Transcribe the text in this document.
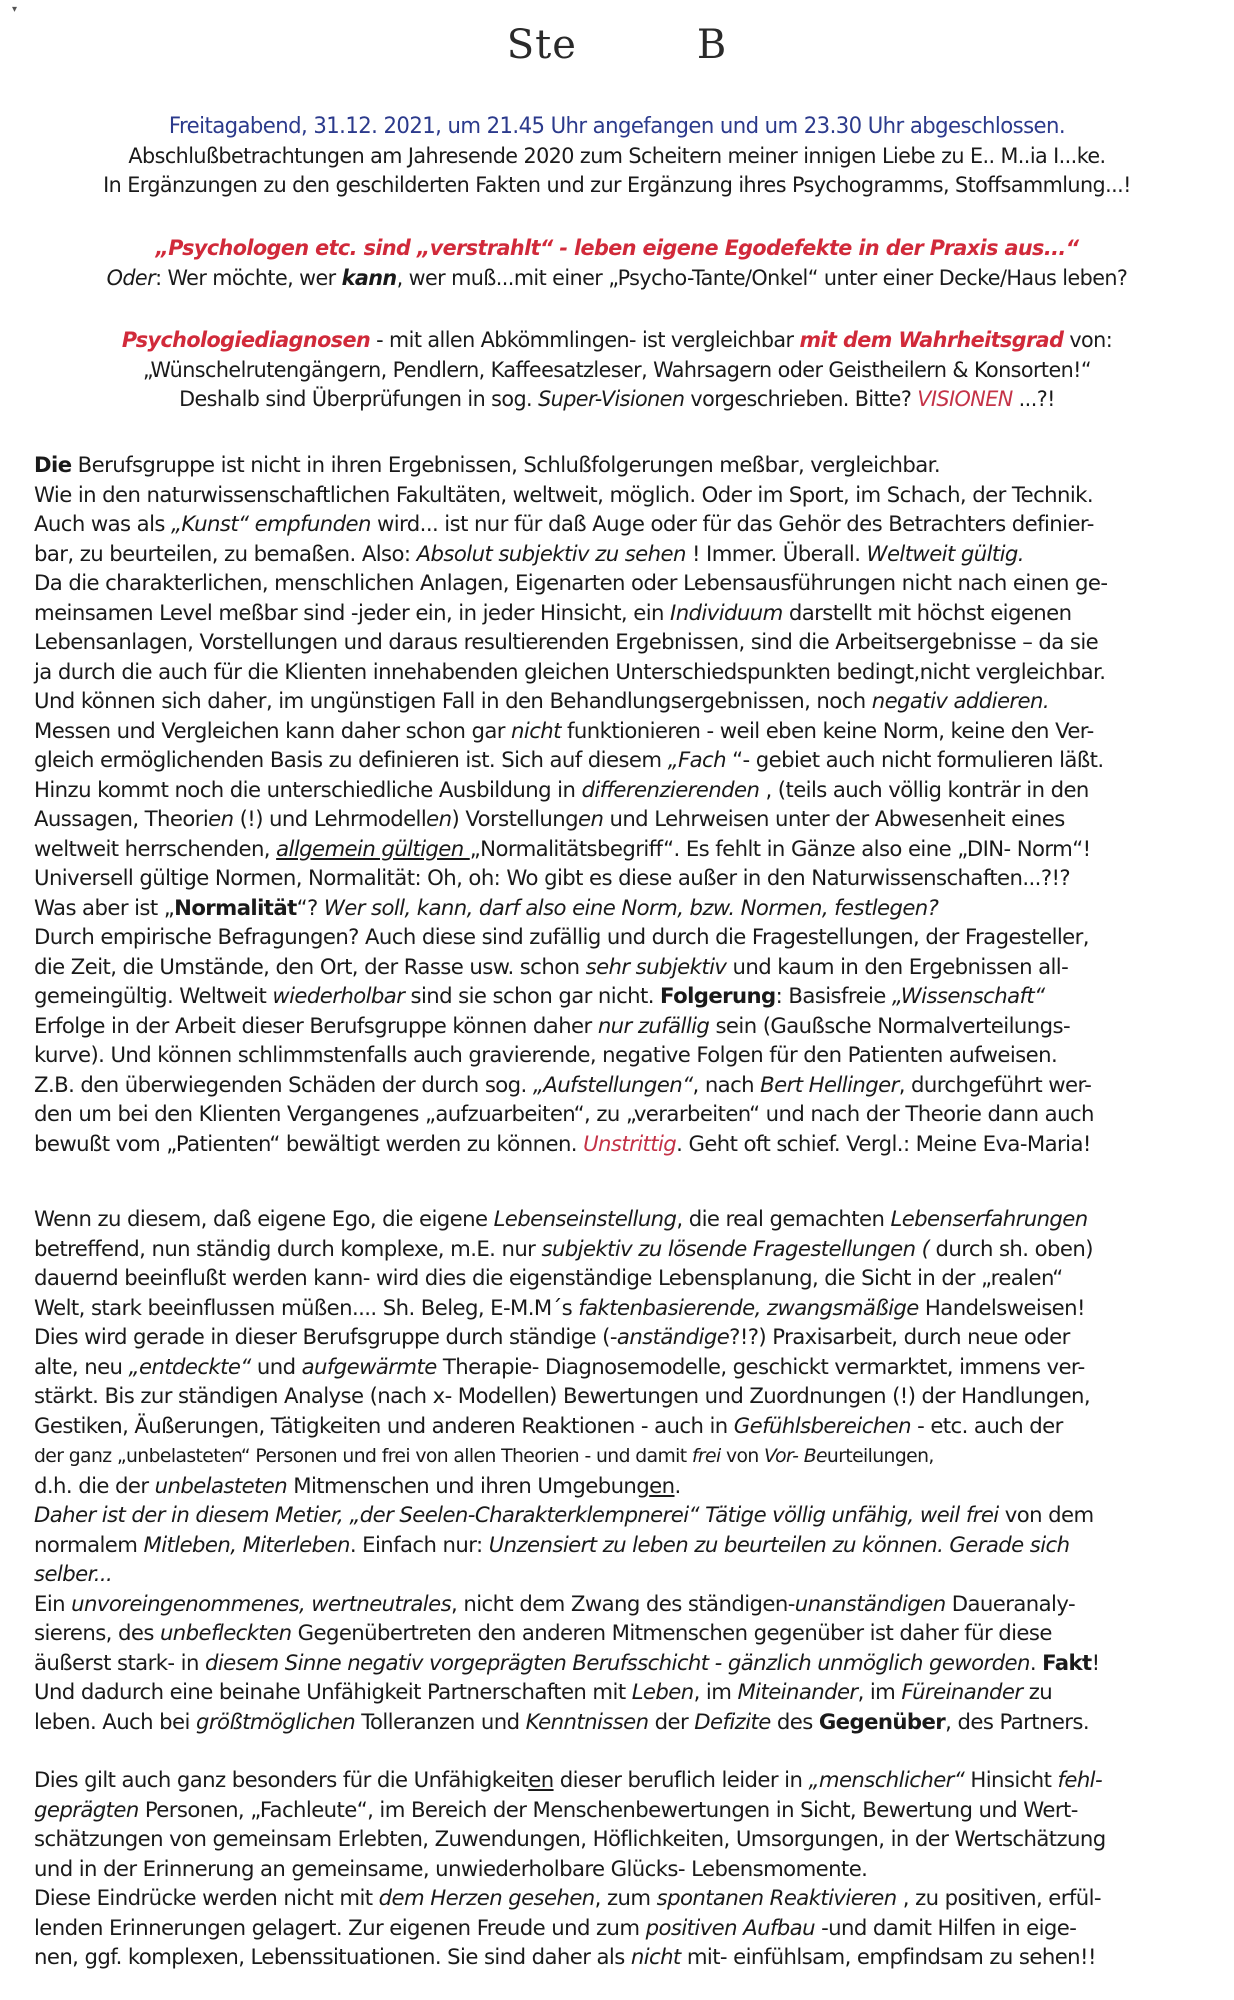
▾
Ste	B
Freitagabend, 31.12. 2021, um 21.45 Uhr angefangen und um 23.30 Uhr abgeschlossen.
Abschlußbetrachtungen am Jahresende 2020 zum Scheitern meiner innigen Liebe zu E.. M..ia I...ke.
In Ergänzungen zu den geschilderten Fakten und zur Ergänzung ihres Psychogramms, Stoffsammlung...!
„Psychologen etc. sind „verstrahlt“ - leben eigene Egodefekte in der Praxis aus...“
Oder: Wer möchte, wer kann, wer muß...mit einer „Psycho-Tante/Onkel“ unter einer Decke/Haus leben?
Psychologiediagnosen - mit allen Abkömmlingen- ist vergleichbar mit dem Wahrheitsgrad von:
„Wünschelrutengängern, Pendlern, Kaffeesatzleser, Wahrsagern oder Geistheilern & Konsorten!“
Deshalb sind Überprüfungen in sog. Super-Visionen vorgeschrieben. Bitte? VISIONEN ...?!
Die Berufsgruppe ist nicht in ihren Ergebnissen, Schlußfolgerungen meßbar, vergleichbar.
Wie in den naturwissenschaftlichen Fakultäten, weltweit, möglich. Oder im Sport, im Schach, der Technik.
Auch was als „Kunst“ empfunden wird... ist nur für daß Auge oder für das Gehör des Betrachters definier-
bar, zu beurteilen, zu bemaßen. Also: Absolut subjektiv zu sehen ! Immer. Überall. Weltweit gültig.
Da die charakterlichen, menschlichen Anlagen, Eigenarten oder Lebensausführungen nicht nach einen ge-
meinsamen Level meßbar sind -jeder ein, in jeder Hinsicht, ein Individuum darstellt mit höchst eigenen
Lebensanlagen, Vorstellungen und daraus resultierenden Ergebnissen, sind die Arbeitsergebnisse – da sie
ja durch die auch für die Klienten innehabenden gleichen Unterschiedspunkten bedingt,nicht vergleichbar.
Und können sich daher, im ungünstigen Fall in den Behandlungsergebnissen, noch negativ addieren.
Messen und Vergleichen kann daher schon gar nicht funktionieren - weil eben keine Norm, keine den Ver-
gleich ermöglichenden Basis zu definieren ist. Sich auf diesem „Fach “- gebiet auch nicht formulieren läßt.
Hinzu kommt noch die unterschiedliche Ausbildung in differenzierenden , (teils auch völlig konträr in den
Aussagen, Theorien (!) und Lehrmodellen) Vorstellungen und Lehrweisen unter der Abwesenheit eines
weltweit herrschenden, allgemein gültigen „Normalitätsbegriff“. Es fehlt in Gänze also eine „DIN- Norm“!
Universell gültige Normen, Normalität: Oh, oh: Wo gibt es diese außer in den Naturwissenschaften...?!?
Was aber ist „Normalität“? Wer soll, kann, darf also eine Norm, bzw. Normen, festlegen?
Durch empirische Befragungen? Auch diese sind zufällig und durch die Fragestellungen, der Fragesteller,
die Zeit, die Umstände, den Ort, der Rasse usw. schon sehr subjektiv und kaum in den Ergebnissen all-
gemeingültig. Weltweit wiederholbar sind sie schon gar nicht. Folgerung: Basisfreie „Wissenschaft“
Erfolge in der Arbeit dieser Berufsgruppe können daher nur zufällig sein (Gaußsche Normalverteilungs-
kurve). Und können schlimmstenfalls auch gravierende, negative Folgen für den Patienten aufweisen.
Z.B. den überwiegenden Schäden der durch sog. „Aufstellungen“, nach Bert Hellinger, durchgeführt wer-
den um bei den Klienten Vergangenes „aufzuarbeiten“, zu „verarbeiten“ und nach der Theorie dann auch
bewußt vom „Patienten“ bewältigt werden zu können. Unstrittig. Geht oft schief. Vergl.: Meine Eva-Maria!
Wenn zu diesem, daß eigene Ego, die eigene Lebenseinstellung, die real gemachten Lebenserfahrungen
betreffend, nun ständig durch komplexe, m.E. nur subjektiv zu lösende Fragestellungen ( durch sh. oben)
dauernd beeinflußt werden kann- wird dies die eigenständige Lebensplanung, die Sicht in der „realen“
Welt, stark beeinflussen müßen.... Sh. Beleg, E-M.M´s faktenbasierende, zwangsmäßige Handelsweisen!
Dies wird gerade in dieser Berufsgruppe durch ständige (-anständige?!?) Praxisarbeit, durch neue oder
alte, neu „entdeckte“ und aufgewärmte Therapie- Diagnosemodelle, geschickt vermarktet, immens ver-
stärkt. Bis zur ständigen Analyse (nach x- Modellen) Bewertungen und Zuordnungen (!) der Handlungen,
Gestiken, Äußerungen, Tätigkeiten und anderen Reaktionen - auch in Gefühlsbereichen - etc. auch der
der ganz „unbelasteten“ Personen und frei von allen Theorien - und damit frei von Vor- Beurteilungen,
d.h. die der unbelasteten Mitmenschen und ihren Umgebungen.
Daher ist der in diesem Metier, „der Seelen-Charakterklempnerei“ Tätige völlig unfähig, weil frei von dem
normalem Mitleben, Miterleben. Einfach nur: Unzensiert zu leben zu beurteilen zu können. Gerade sich
selber...
Ein unvoreingenommenes, wertneutrales, nicht dem Zwang des ständigen-unanständigen Daueranaly-
sierens, des unbefleckten Gegenübertreten den anderen Mitmenschen gegenüber ist daher für diese
äußerst stark- in diesem Sinne negativ vorgeprägten Berufsschicht - gänzlich unmöglich geworden. Fakt!
Und dadurch eine beinahe Unfähigkeit Partnerschaften mit Leben, im Miteinander, im Füreinander zu
leben. Auch bei größtmöglichen Tolleranzen und Kenntnissen der Defizite des Gegenüber, des Partners.
Dies gilt auch ganz besonders für die Unfähigkeiten dieser beruflich leider in „menschlicher“ Hinsicht fehl-
geprägten Personen, „Fachleute“, im Bereich der Menschenbewertungen in Sicht, Bewertung und Wert-
schätzungen von gemeinsam Erlebten, Zuwendungen, Höflichkeiten, Umsorgungen, in der Wertschätzung
und in der Erinnerung an gemeinsame, unwiederholbare Glücks- Lebensmomente.
Diese Eindrücke werden nicht mit dem Herzen gesehen, zum spontanen Reaktivieren , zu positiven, erfül-
lenden Erinnerungen gelagert. Zur eigenen Freude und zum positiven Aufbau -und damit Hilfen in eige-
nen, ggf. komplexen, Lebenssituationen. Sie sind daher als nicht mit- einfühlsam, empfindsam zu sehen!!
